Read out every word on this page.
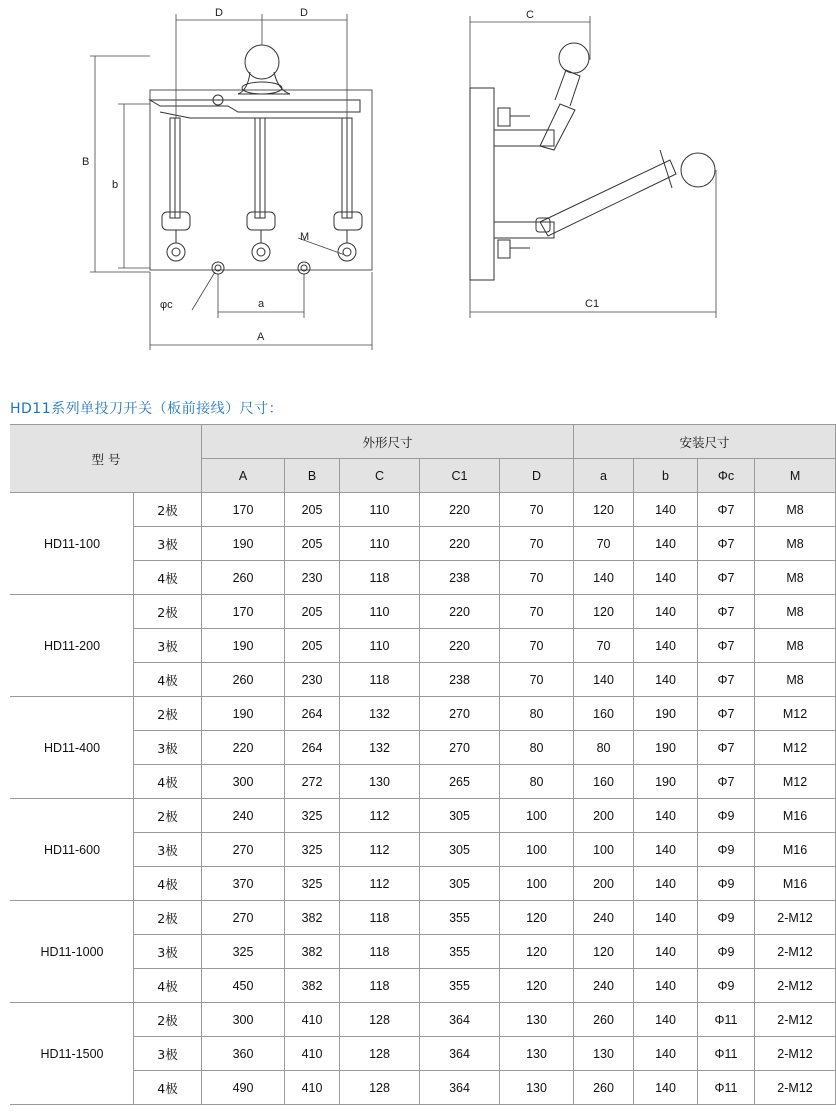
D	D
B
b
M
φc	a
A
C
C1
HD11系列单投刀开关（板前接线）尺寸：
型 号		外形尺寸					安装尺寸			
		A	B	C	C1	D	a	b	Φc	M
HD11-100	2极	170	205	110	220	70	120	140	Φ7	M8
	3极	190	205	110	220	70	70	140	Φ7	M8
	4极	260	230	118	238	70	140	140	Φ7	M8
HD11-200	2极	170	205	110	220	70	120	140	Φ7	M8
	3极	190	205	110	220	70	70	140	Φ7	M8
	4极	260	230	118	238	70	140	140	Φ7	M8
HD11-400	2极	190	264	132	270	80	160	190	Φ7	M12
	3极	220	264	132	270	80	80	190	Φ7	M12
	4极	300	272	130	265	80	160	190	Φ7	M12
HD11-600	2极	240	325	112	305	100	200	140	Φ9	M16
	3极	270	325	112	305	100	100	140	Φ9	M16
	4极	370	325	112	305	100	200	140	Φ9	M16
HD11-1000	2极	270	382	118	355	120	240	140	Φ9	2-M12
	3极	325	382	118	355	120	120	140	Φ9	2-M12
	4极	450	382	118	355	120	240	140	Φ9	2-M12
HD11-1500	2极	300	410	128	364	130	260	140	Φ11	2-M12
	3极	360	410	128	364	130	130	140	Φ11	2-M12
	4极	490	410	128	364	130	260	140	Φ11	2-M12
